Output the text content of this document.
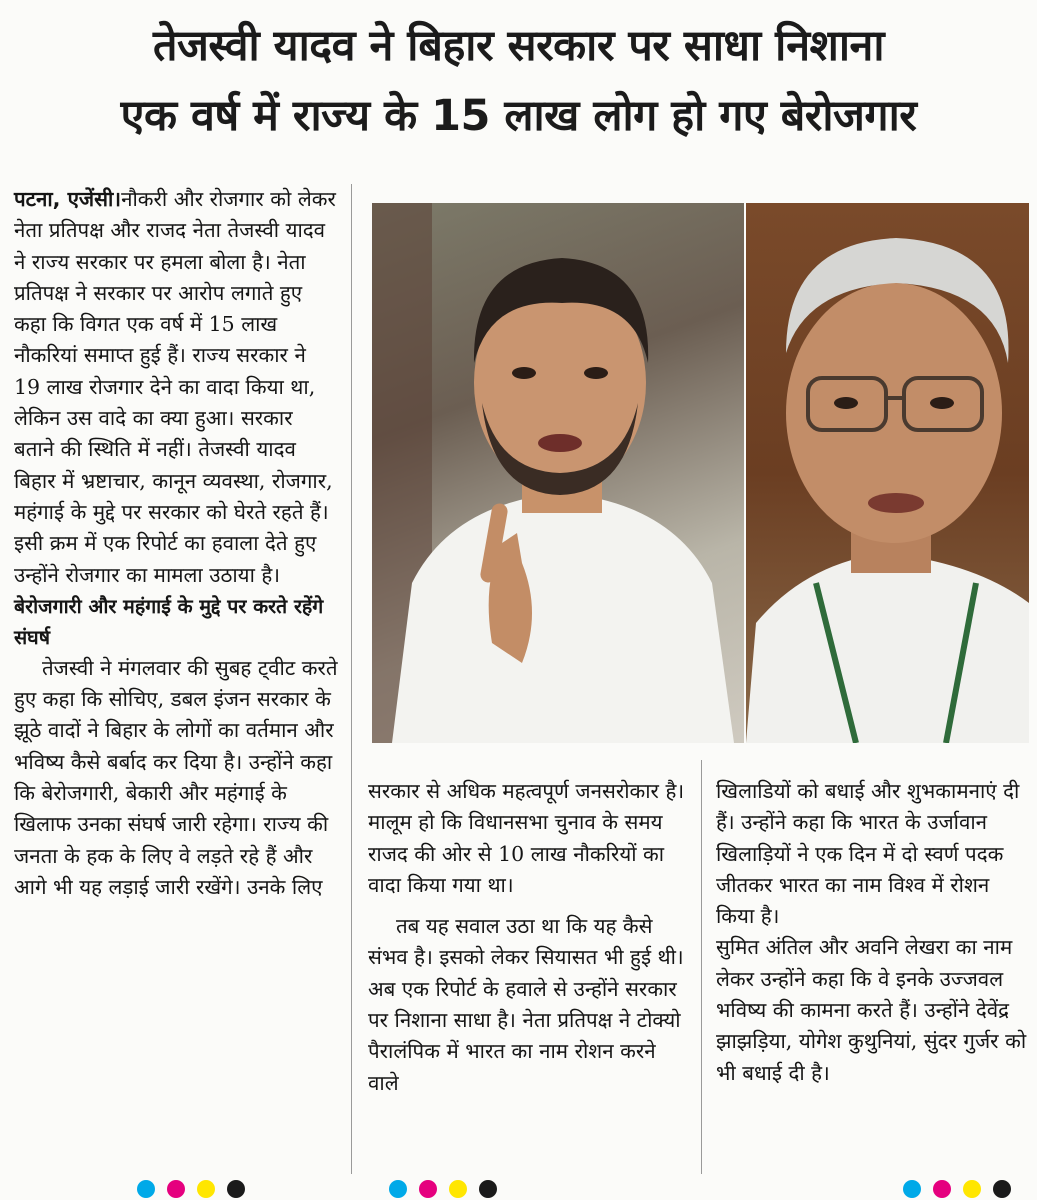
तेजस्वी यादव ने बिहार सरकार पर साधा निशाना
एक वर्ष में राज्य के 15 लाख लोग हो गए बेरोजगार

पटना, एजेंसी।नौकरी और रोजगार को लेकर नेता प्रतिपक्ष और राजद नेता तेजस्वी यादव ने राज्य सरकार पर हमला बोला है। नेता प्रतिपक्ष ने सरकार पर आरोप लगाते हुए कहा कि विगत एक वर्ष में 15 लाख नौकरियां समाप्त हुई हैं। राज्य सरकार ने 19 लाख रोजगार देने का वादा किया था, लेकिन उस वादे का क्या हुआ। सरकार बताने की स्थिति में नहीं। तेजस्वी यादव बिहार में भ्रष्टाचार, कानून व्यवस्था, रोजगार, महंगाई के मुद्दे पर सरकार को घेरते रहते हैं। इसी क्रम में एक रिपोर्ट का हवाला देते हुए उन्होंने रोजगार का मामला उठाया है।

बेरोजगारी और महंगाई के मुद्दे पर करते रहेंगे संघर्ष

तेजस्वी ने मंगलवार की सुबह ट्वीट करते हुए कहा कि सोचिए, डबल इंजन सरकार के झूठे वादों ने बिहार के लोगों का वर्तमान और भविष्य कैसे बर्बाद कर दिया है। उन्होंने कहा कि बेरोजगारी, बेकारी और महंगाई के खिलाफ उनका संघर्ष जारी रहेगा। राज्य की जनता के हक के लिए वे लड़ते रहे हैं और आगे भी यह लड़ाई जारी रखेंगे। उनके लिए

सरकार से अधिक महत्वपूर्ण जनसरोकार है। मालूम हो कि विधानसभा चुनाव के समय राजद की ओर से 10 लाख नौकरियों का वादा किया गया था।

तब यह सवाल उठा था कि यह कैसे संभव है। इसको लेकर सियासत भी हुई थी। अब एक रिपोर्ट के हवाले से उन्होंने सरकार पर निशाना साधा है। नेता प्रतिपक्ष ने टोक्यो पैरालंपिक में भारत का नाम रोशन करने वाले

खिलाडियों को बधाई और शुभकामनाएं दी हैं। उन्होंने कहा कि भारत के उर्जावान खिलाड़ियों ने एक दिन में दो स्वर्ण पदक जीतकर भारत का नाम विश्व में रोशन किया है।

सुमित अंतिल और अवनि लेखरा का नाम लेकर उन्होंने कहा कि वे इनके उज्जवल भविष्य की कामना करते हैं। उन्होंने देवेंद्र झाझड़िया, योगेश कुथुनियां, सुंदर गुर्जर को भी बधाई दी है।
